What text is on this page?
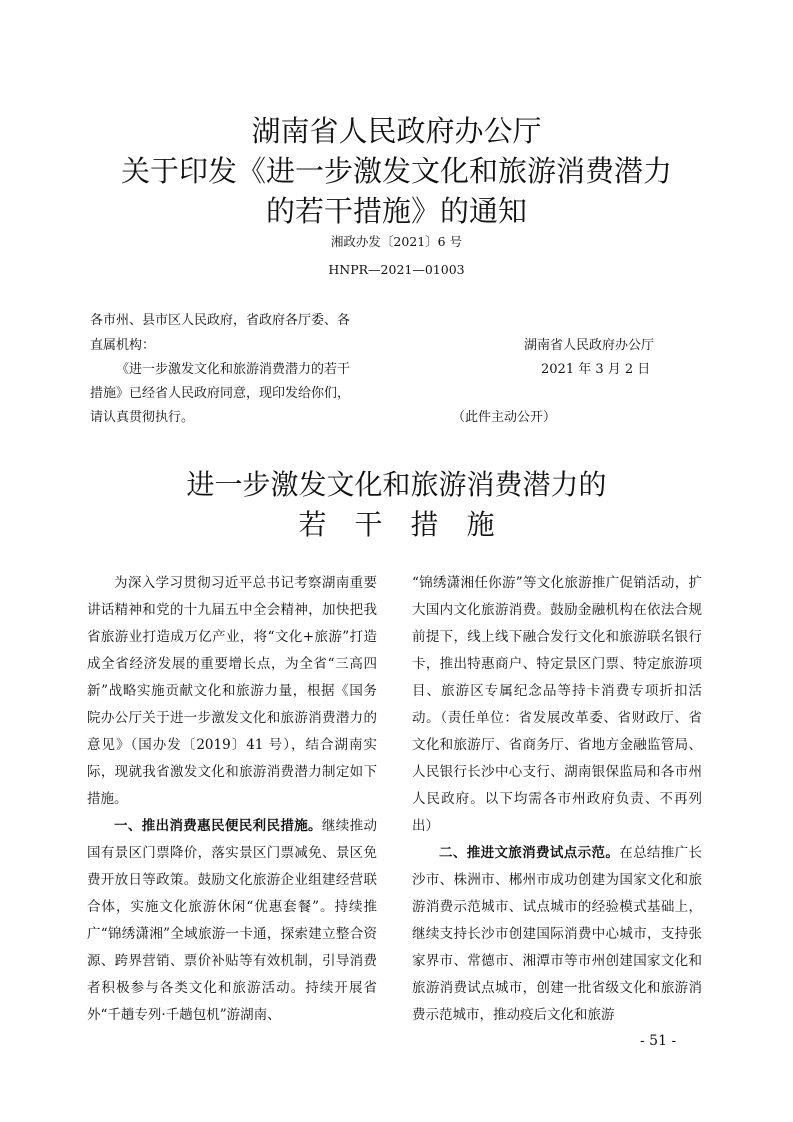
湖南省人民政府办公厅
关于印发《进一步激发文化和旅游消费潜力
的若干措施》的通知
湘政办发〔2021〕6 号
HNPR—2021—01003
各市州、县市区人民政府，省政府各厅委、各
直属机构：
《进一步激发文化和旅游消费潜力的若干
措施》已经省人民政府同意，现印发给你们，
请认真贯彻执行。
湖南省人民政府办公厅
2021 年 3 月 2 日
（此件主动公开）
进一步激发文化和旅游消费潜力的
若干措施

为深入学习贯彻习近平总书记考察湖南重要讲话精神和党的十九届五中全会精神，加快把我省旅游业打造成万亿产业，将“文化+旅游”打造成全省经济发展的重要增长点，为全省“三高四新”战略实施贡献文化和旅游力量，根据《国务院办公厅关于进一步激发文化和旅游消费潜力的意见》（国办发〔2019〕41 号），结合湖南实际，现就我省激发文化和旅游消费潜力制定如下措施。

一、推出消费惠民便民利民措施。继续推动国有景区门票降价，落实景区门票减免、景区免费开放日等政策。鼓励文化旅游企业组建经营联合体，实施文化旅游休闲“优惠套餐”。持续推广“锦绣潇湘”全域旅游一卡通，探索建立整合资源、跨界营销、票价补贴等有效机制，引导消费者积极参与各类文化和旅游活动。持续开展省外“千趟专列·千趟包机”游湖南、

“锦绣潇湘任你游”等文化旅游推广促销活动，扩大国内文化旅游消费。鼓励金融机构在依法合规前提下，线上线下融合发行文化和旅游联名银行卡，推出特惠商户、特定景区门票、特定旅游项目、旅游区专属纪念品等持卡消费专项折扣活动。（责任单位：省发展改革委、省财政厅、省文化和旅游厅、省商务厅、省地方金融监管局、人民银行长沙中心支行、湖南银保监局和各市州人民政府。以下均需各市州政府负责、不再列出）

二、推进文旅消费试点示范。在总结推广长沙市、株洲市、郴州市成功创建为国家文化和旅游消费示范城市、试点城市的经验模式基础上，继续支持长沙市创建国际消费中心城市，支持张家界市、常德市、湘潭市等市州创建国家文化和旅游消费试点城市，创建一批省级文化和旅游消费示范城市，推动疫后文化和旅游

- 51 -
